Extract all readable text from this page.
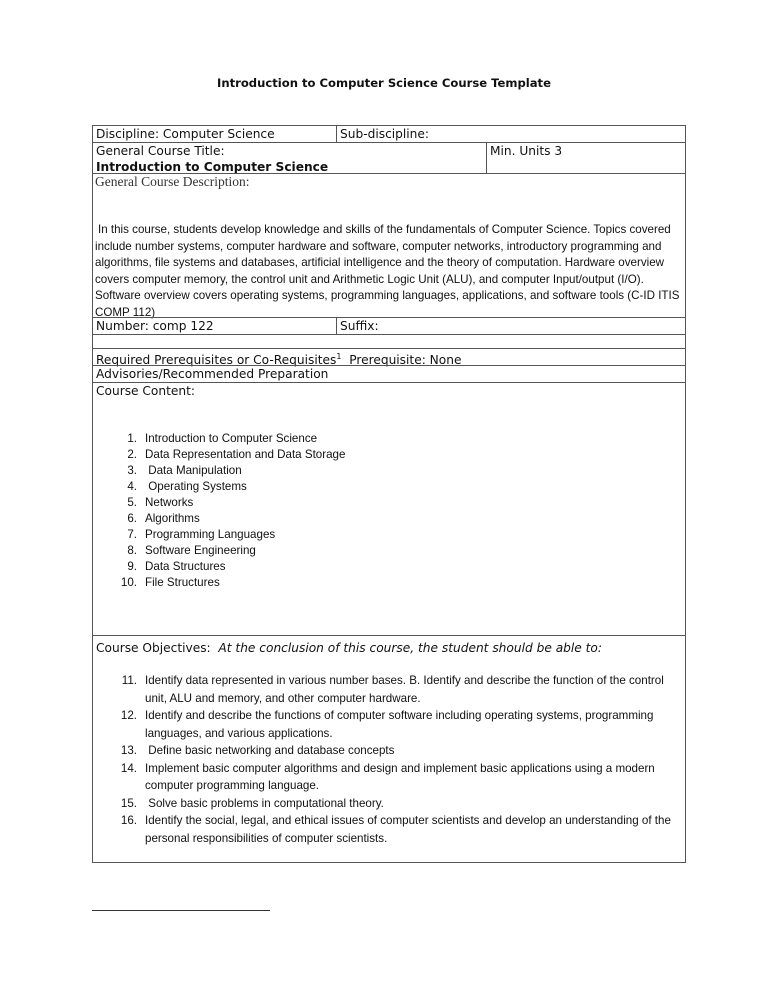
Introduction to Computer Science Course Template
Discipline: Computer Science	Sub-discipline:
General Course Title:
Introduction to Computer Science
Min. Units 3
General Course Description:
In this course, students develop knowledge and skills of the fundamentals of Computer Science. Topics covered include number systems, computer hardware and software, computer networks, introductory programming and algorithms, file systems and databases, artificial intelligence and the theory of computation. Hardware overview covers computer memory, the control unit and Arithmetic Logic Unit (ALU), and computer Input/output (I/O). Software overview covers operating systems, programming languages, applications, and software tools (C-ID ITIS COMP 112)
Number: comp 122	Suffix:
Required Prerequisites or Co-Requisites$^1$ Prerequisite: None
Advisories/Recommended Preparation
Course Content:
1. Introduction to Computer Science
2. Data Representation and Data Storage
3. Data Manipulation
4. Operating Systems
5. Networks
6. Algorithms
7. Programming Languages
8. Software Engineering
9. Data Structures
10. File Structures
Course Objectives: At the conclusion of this course, the student should be able to:
11. Identify data represented in various number bases. B. Identify and describe the function of the control unit, ALU and memory, and other computer hardware.
12. Identify and describe the functions of computer software including operating systems, programming languages, and various applications.
13. Define basic networking and database concepts
14. Implement basic computer algorithms and design and implement basic applications using a modern computer programming language.
15. Solve basic problems in computational theory.
16. Identify the social, legal, and ethical issues of computer scientists and develop an understanding of the personal responsibilities of computer scientists.
